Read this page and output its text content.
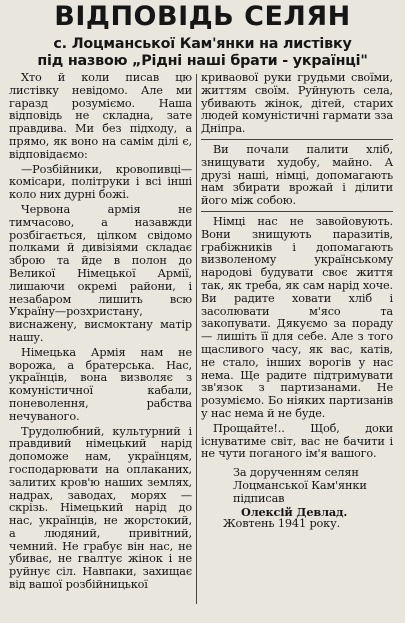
ВІДПОВІДЬ СЕЛЯН
с. Лоцманської Кам'янки на листівку
під назвою „Рідні наші брати - українці"

Хто й коли писав цю листівку невідомо. Але ми гаразд розуміємо. Наша відповідь не складна, зате правдива. Ми без підходу, а прямо, як воно на самім ділі є, відповідаємо:

—Розбійники, кровопивці—комісари, політруки і всі інші коло них дурні божі.

Червона армія не тимчасово, а назавжди розбігається, цілком свідомо полками й дивізіями складає зброю та йде в полон до Великої Німецької Армії, лишаючи окремі райони, і незабаром лишить всю Україну—розхристану, виснажену, висмоктану матір нашу.

Німецька Армія нам не ворожа, а братерська. Нас, українців, вона визволяє з комуністичної кабали, поневолення, рабства нечуваного.

Трудолюбний, культурний і правдивий німецький нарід допоможе нам, українцям, господарювати на оплаканих, залитих кров'ю наших землях, надрах, заводах, морях — скрізь. Німецький нарід до нас, українців, не жорстокий, а людяний, привітний, чемний. Не грабує він нас, не убиває, не гвалтує жінок і не руйнує сіл. Навпаки, захищає від вашої розбійницької

криваової руки грудьми своїми, життям своїм. Руйнують села, убивають жінок, дітей, старих людей комуністичні гармати зза Дніпра.

Ви почали палити хліб, знищувати худобу, майно. А друзі наші, німці, допомагають нам збирати врожай і ділити його між собою.

Німці нас не завойовують. Вони знищують паразитів, грабіжників і допомагають визволеному українському народові будувати своє життя так, як треба, як сам нарід хоче. Ви радите ховати хліб і засолювати м'ясо та закопувати. Дякуємо за пораду — лишіть її для себе. Але з того щасливого часу, як вас, катів, не стало, інших ворогів у нас нема. Ще радите підтримувати зв'язок з партизанами. Не розуміємо. Бо ніяких партизанів у нас нема й не буде.

Прощайте!.. Щоб, доки існуватиме світ, вас не бачити і не чути поганого ім'я вашого.

За дорученням селян

Лоцманської Кам'янки

підписав

Олексій Девлад.

Жовтень 1941 року.
